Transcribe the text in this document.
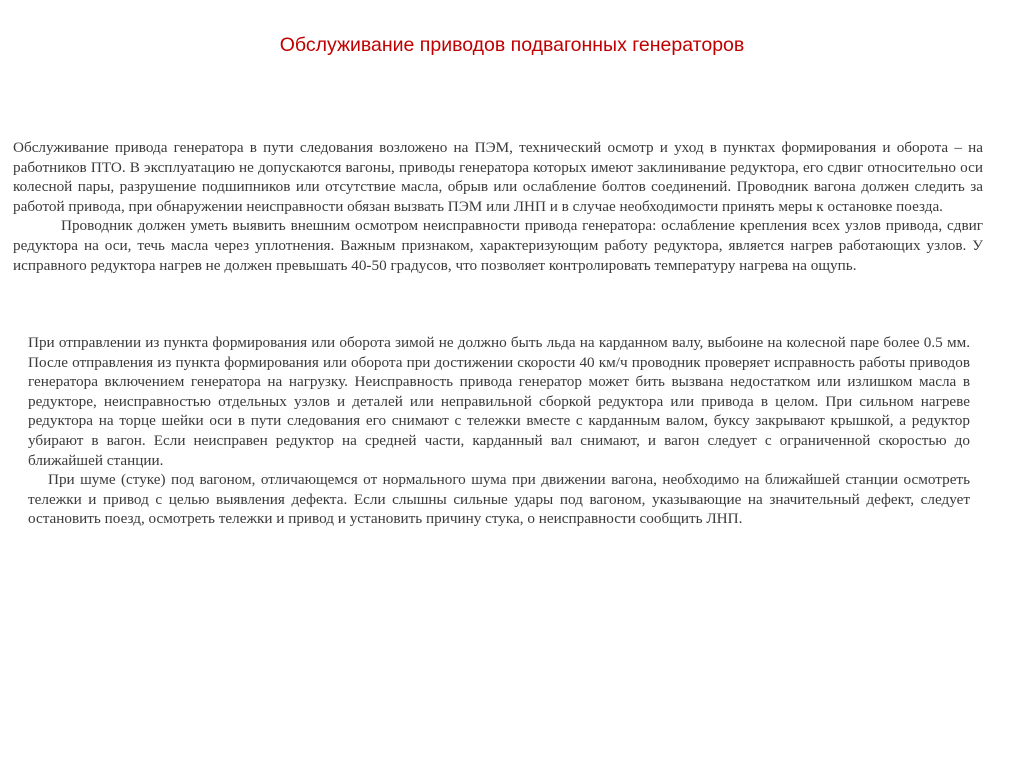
Обслуживание приводов подвагонных генераторов

Обслуживание привода генератора в пути следования возложено на ПЭМ, технический осмотр и уход в пунктах формирования и оборота – на работников ПТО. В эксплуатацию не допускаются вагоны, приводы генератора которых имеют заклинивание редуктора, его сдвиг относительно оси колесной пары, разрушение подшипников или отсутствие масла, обрыв или ослабление болтов соединений. Проводник вагона должен следить за работой привода, при обнаружении неисправности обязан вызвать ПЭМ или ЛНП и в случае необходимости принять меры к остановке поезда.

Проводник должен уметь выявить внешним осмотром неисправности привода генератора: ослабление крепления всех узлов привода, сдвиг редуктора на оси, течь масла через уплотнения. Важным признаком, характеризующим работу редуктора, является нагрев работающих узлов. У исправного редуктора нагрев не должен превышать 40-50 градусов, что позволяет контролировать температуру нагрева на ощупь.

При отправлении из пункта формирования или оборота зимой не должно быть льда на карданном валу, выбоине на колесной паре более 0.5 мм. После отправления из пункта формирования или оборота при достижении скорости 40 км/ч проводник проверяет исправность работы приводов генератора включением генератора на нагрузку. Неисправность привода генератор может бить вызвана недостатком или излишком масла в редукторе, неисправностью отдельных узлов и деталей или неправильной сборкой редуктора или привода в целом. При сильном нагреве редуктора на торце шейки оси в пути следования его снимают с тележки вместе с карданным валом, буксу закрывают крышкой, а редуктор убирают в вагон. Если неисправен редуктор на средней части, карданный вал снимают, и вагон следует с ограниченной скоростью до ближайшей станции.

При шуме (стуке) под вагоном, отличающемся от нормального шума при движении вагона, необходимо на ближайшей станции осмотреть тележки и привод с целью выявления дефекта. Если слышны сильные удары под вагоном, указывающие на значительный дефект, следует остановить поезд, осмотреть тележки и привод и установить причину стука, о неисправности сообщить ЛНП.
